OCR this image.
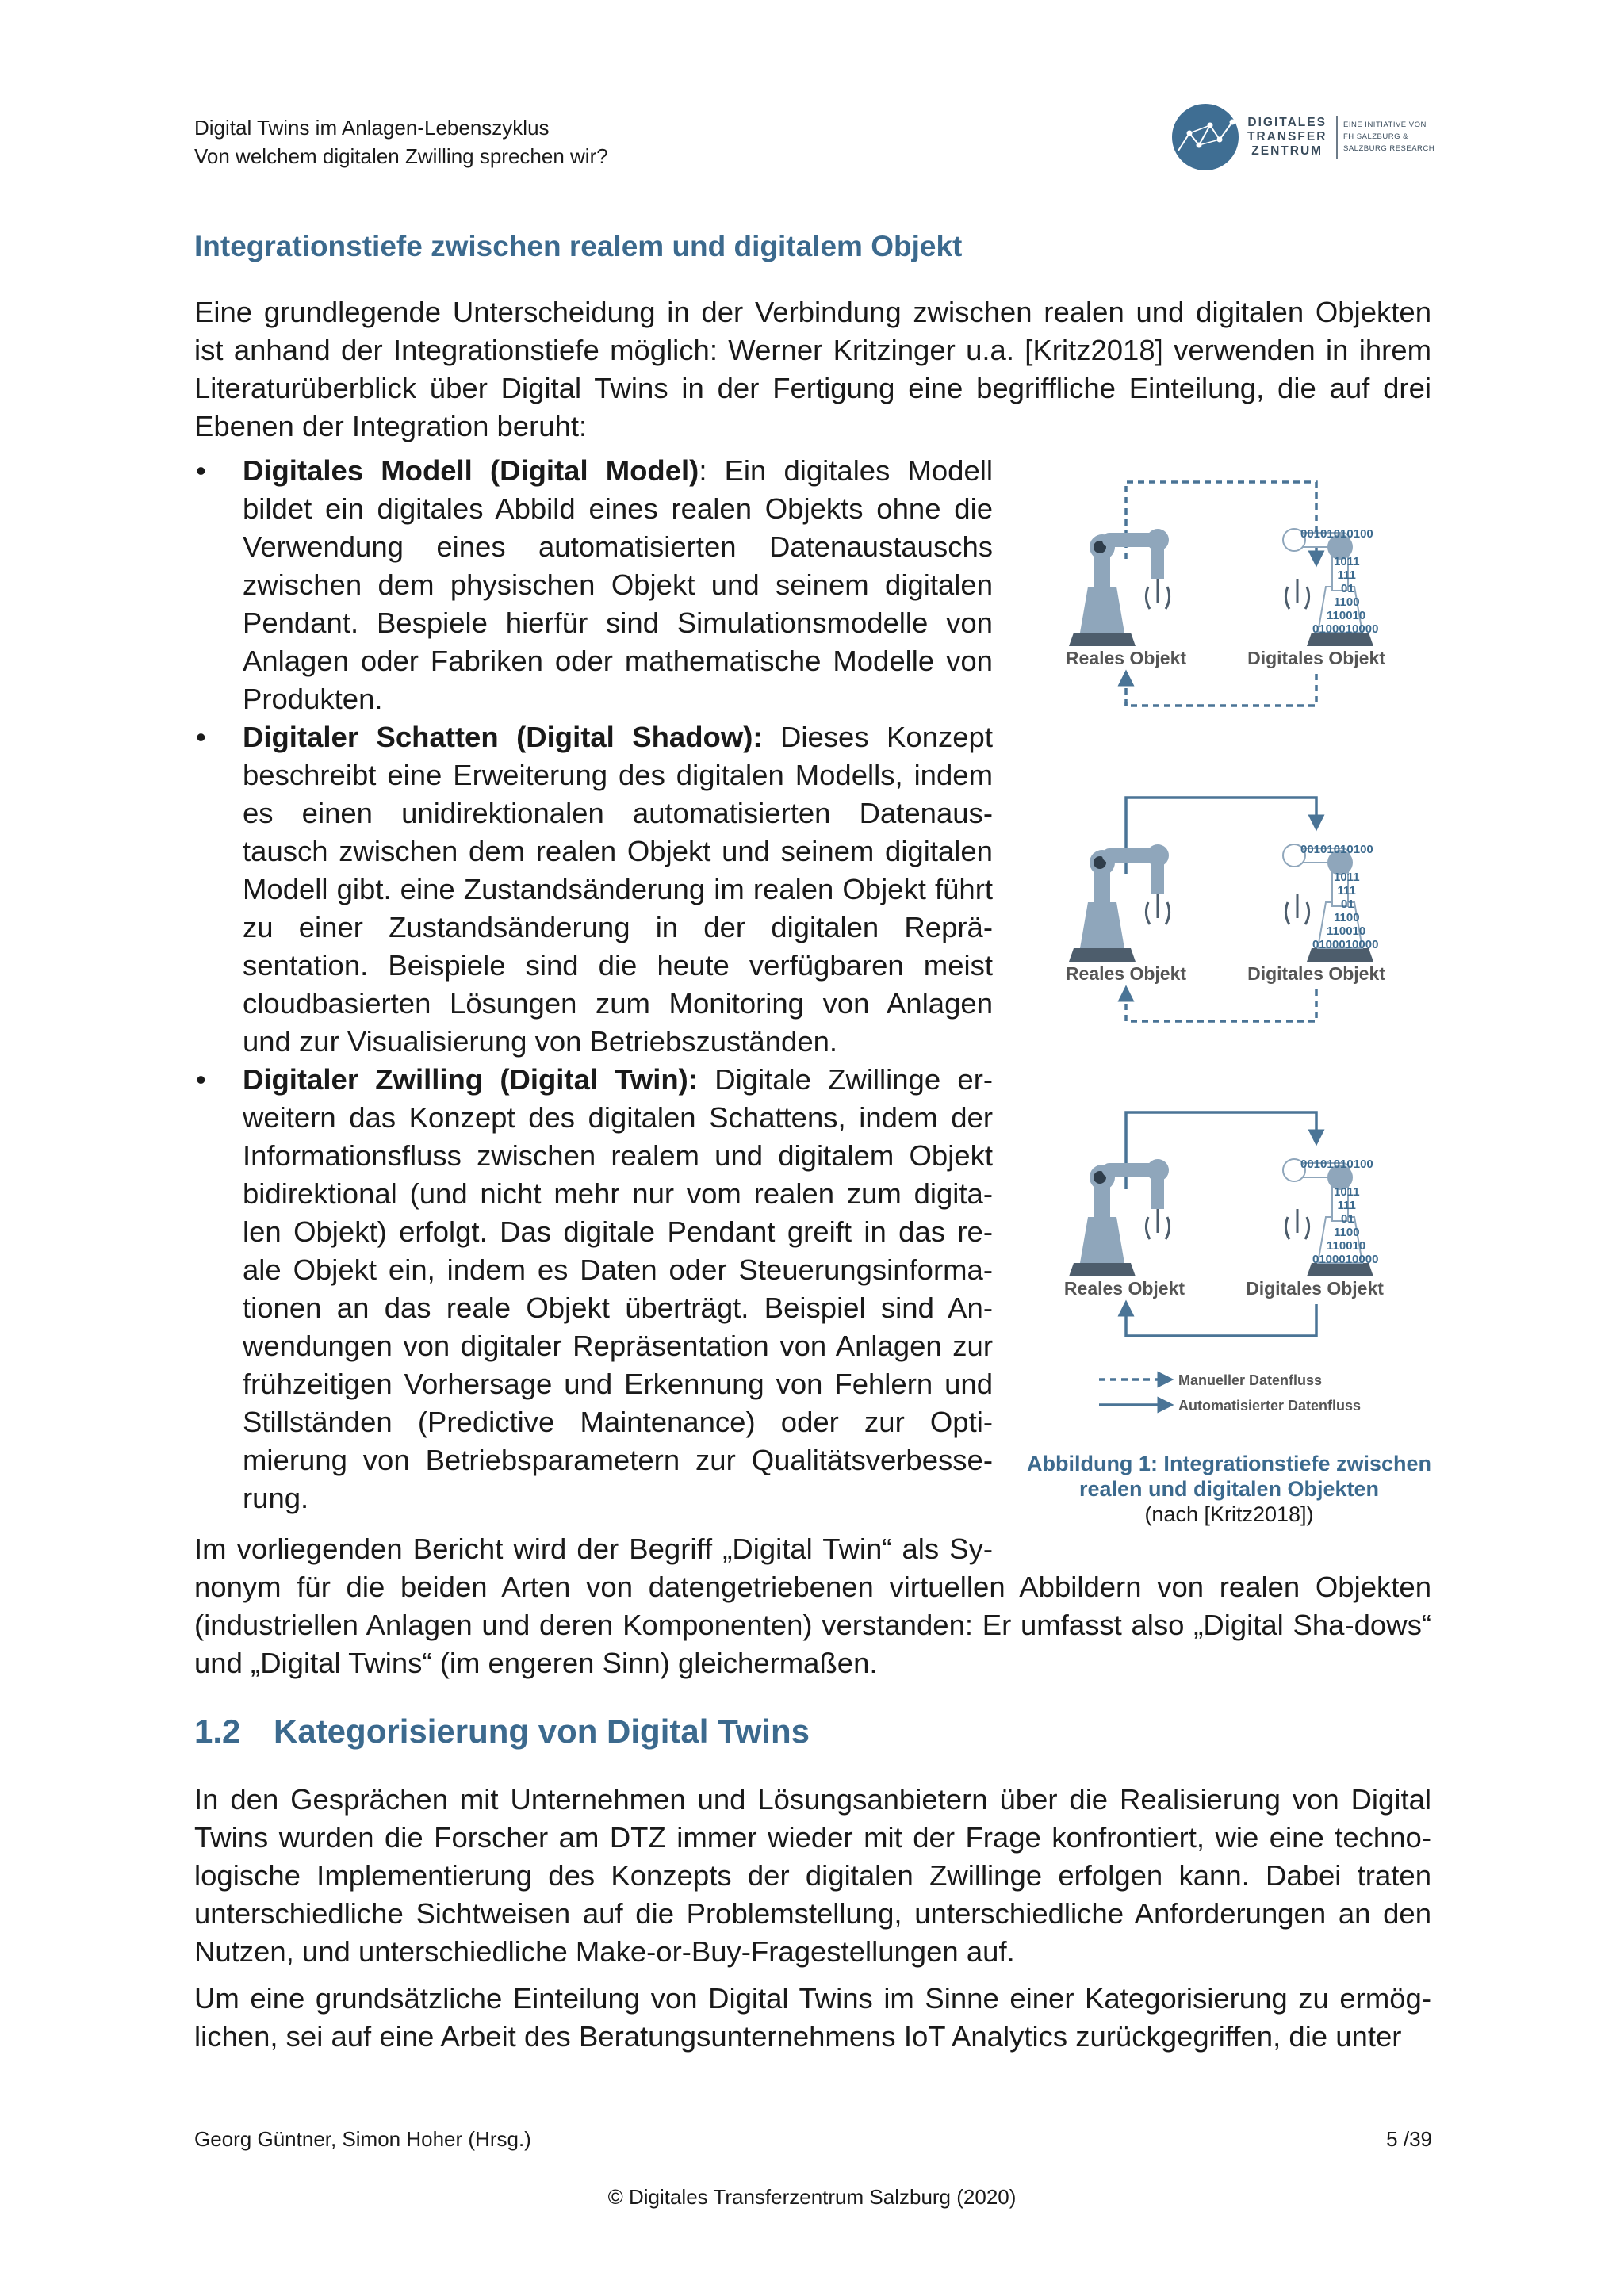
Digital Twins im Anlagen-Lebenszyklus
Von welchem digitalen Zwilling sprechen wir?
DIGITALES
TRANSFER
ZENTRUM
EINE INITIATIVE VON
FH SALZBURG &
SALZBURG RESEARCH
Integrationstiefe zwischen realem und digitalem Objekt

Eine grundlegende Unterscheidung in der Verbindung zwischen realen und digitalen Objekten ist anhand der Integrationstiefe möglich: Werner Kritzinger u.a. [Kritz2018] verwenden in ihrem Literaturüberblick über Digital Twins in der Fertigung eine begriffliche Einteilung, die auf drei Ebenen der Integration beruht:

• Digitales Modell (Digital Model): Ein digitales Modell bildet ein digitales Abbild eines realen Objekts ohne die Verwendung eines automatisierten Datenaustauschs zwischen dem physischen Objekt und seinem digitalen Pendant. Bespiele hierfür sind Simulationsmodelle von Anlagen oder Fabriken oder mathematische Modelle von Produkten.
• Digitaler Schatten (Digital Shadow): Dieses Konzept beschreibt eine Erweiterung des digitalen Modells, indem es einen unidirektionalen automatisierten Datenaus-tausch zwischen dem realen Objekt und seinem digitalen Modell gibt. eine Zustandsänderung im realen Objekt führt zu einer Zustandsänderung in der digitalen Reprä-sentation. Beispiele sind die heute verfügbaren meist cloudbasierten Lösungen zum Monitoring von Anlagen und zur Visualisierung von Betriebszuständen.
• Digitaler Zwilling (Digital Twin): Digitale Zwillinge er-weitern das Konzept des digitalen Schattens, indem der Informationsfluss zwischen realem und digitalem Objekt bidirektional (und nicht mehr nur vom realen zum digita-len Objekt) erfolgt. Das digitale Pendant greift in das re-ale Objekt ein, indem es Daten oder Steuerungsinforma-tionen an das reale Objekt überträgt. Beispiel sind An-wendungen von digitaler Repräsentation von Anlagen zur frühzeitigen Vorhersage und Erkennung von Fehlern und Stillständen (Predictive Maintenance) oder zur Opti-mierung von Betriebsparametern zur Qualitätsverbesse-rung.
00101010100
Reales Objekt	Digitales Objekt
1011
111
01
1100
110010
0100010000
00101010100
Reales Objekt	Digitales Objekt
1011
111
01
1100
110010
0100010000
00101010100
Reales Objekt	Digitales Objekt
1011
111
01
1100
110010
0100010000
Manueller Datenfluss
Automatisierter Datenfluss
Abbildung 1: Integrationstiefe zwischen realen und digitalen Objekten
(nach [Kritz2018])
Im vorliegenden Bericht wird der Begriff „Digital Twin“ als Sy-
nonym für die beiden Arten von datengetriebenen virtuellen Abbildern von realen Objekten (industriellen Anlagen und deren Komponenten) verstanden: Er umfasst also „Digital Sha-dows“ und „Digital Twins“ (im engeren Sinn) gleichermaßen.
1.2 Kategorisierung von Digital Twins

In den Gesprächen mit Unternehmen und Lösungsanbietern über die Realisierung von Digital Twins wurden die Forscher am DTZ immer wieder mit der Frage konfrontiert, wie eine techno-logische Implementierung des Konzepts der digitalen Zwillinge erfolgen kann. Dabei traten unterschiedliche Sichtweisen auf die Problemstellung, unterschiedliche Anforderungen an den Nutzen, und unterschiedliche Make-or-Buy-Fragestellungen auf.

Um eine grundsätzliche Einteilung von Digital Twins im Sinne einer Kategorisierung zu ermög-lichen, sei auf eine Arbeit des Beratungsunternehmens IoT Analytics zurückgegriffen, die unter

Georg Güntner, Simon Hoher (Hrsg.)	5 /39
© Digitales Transferzentrum Salzburg (2020)
